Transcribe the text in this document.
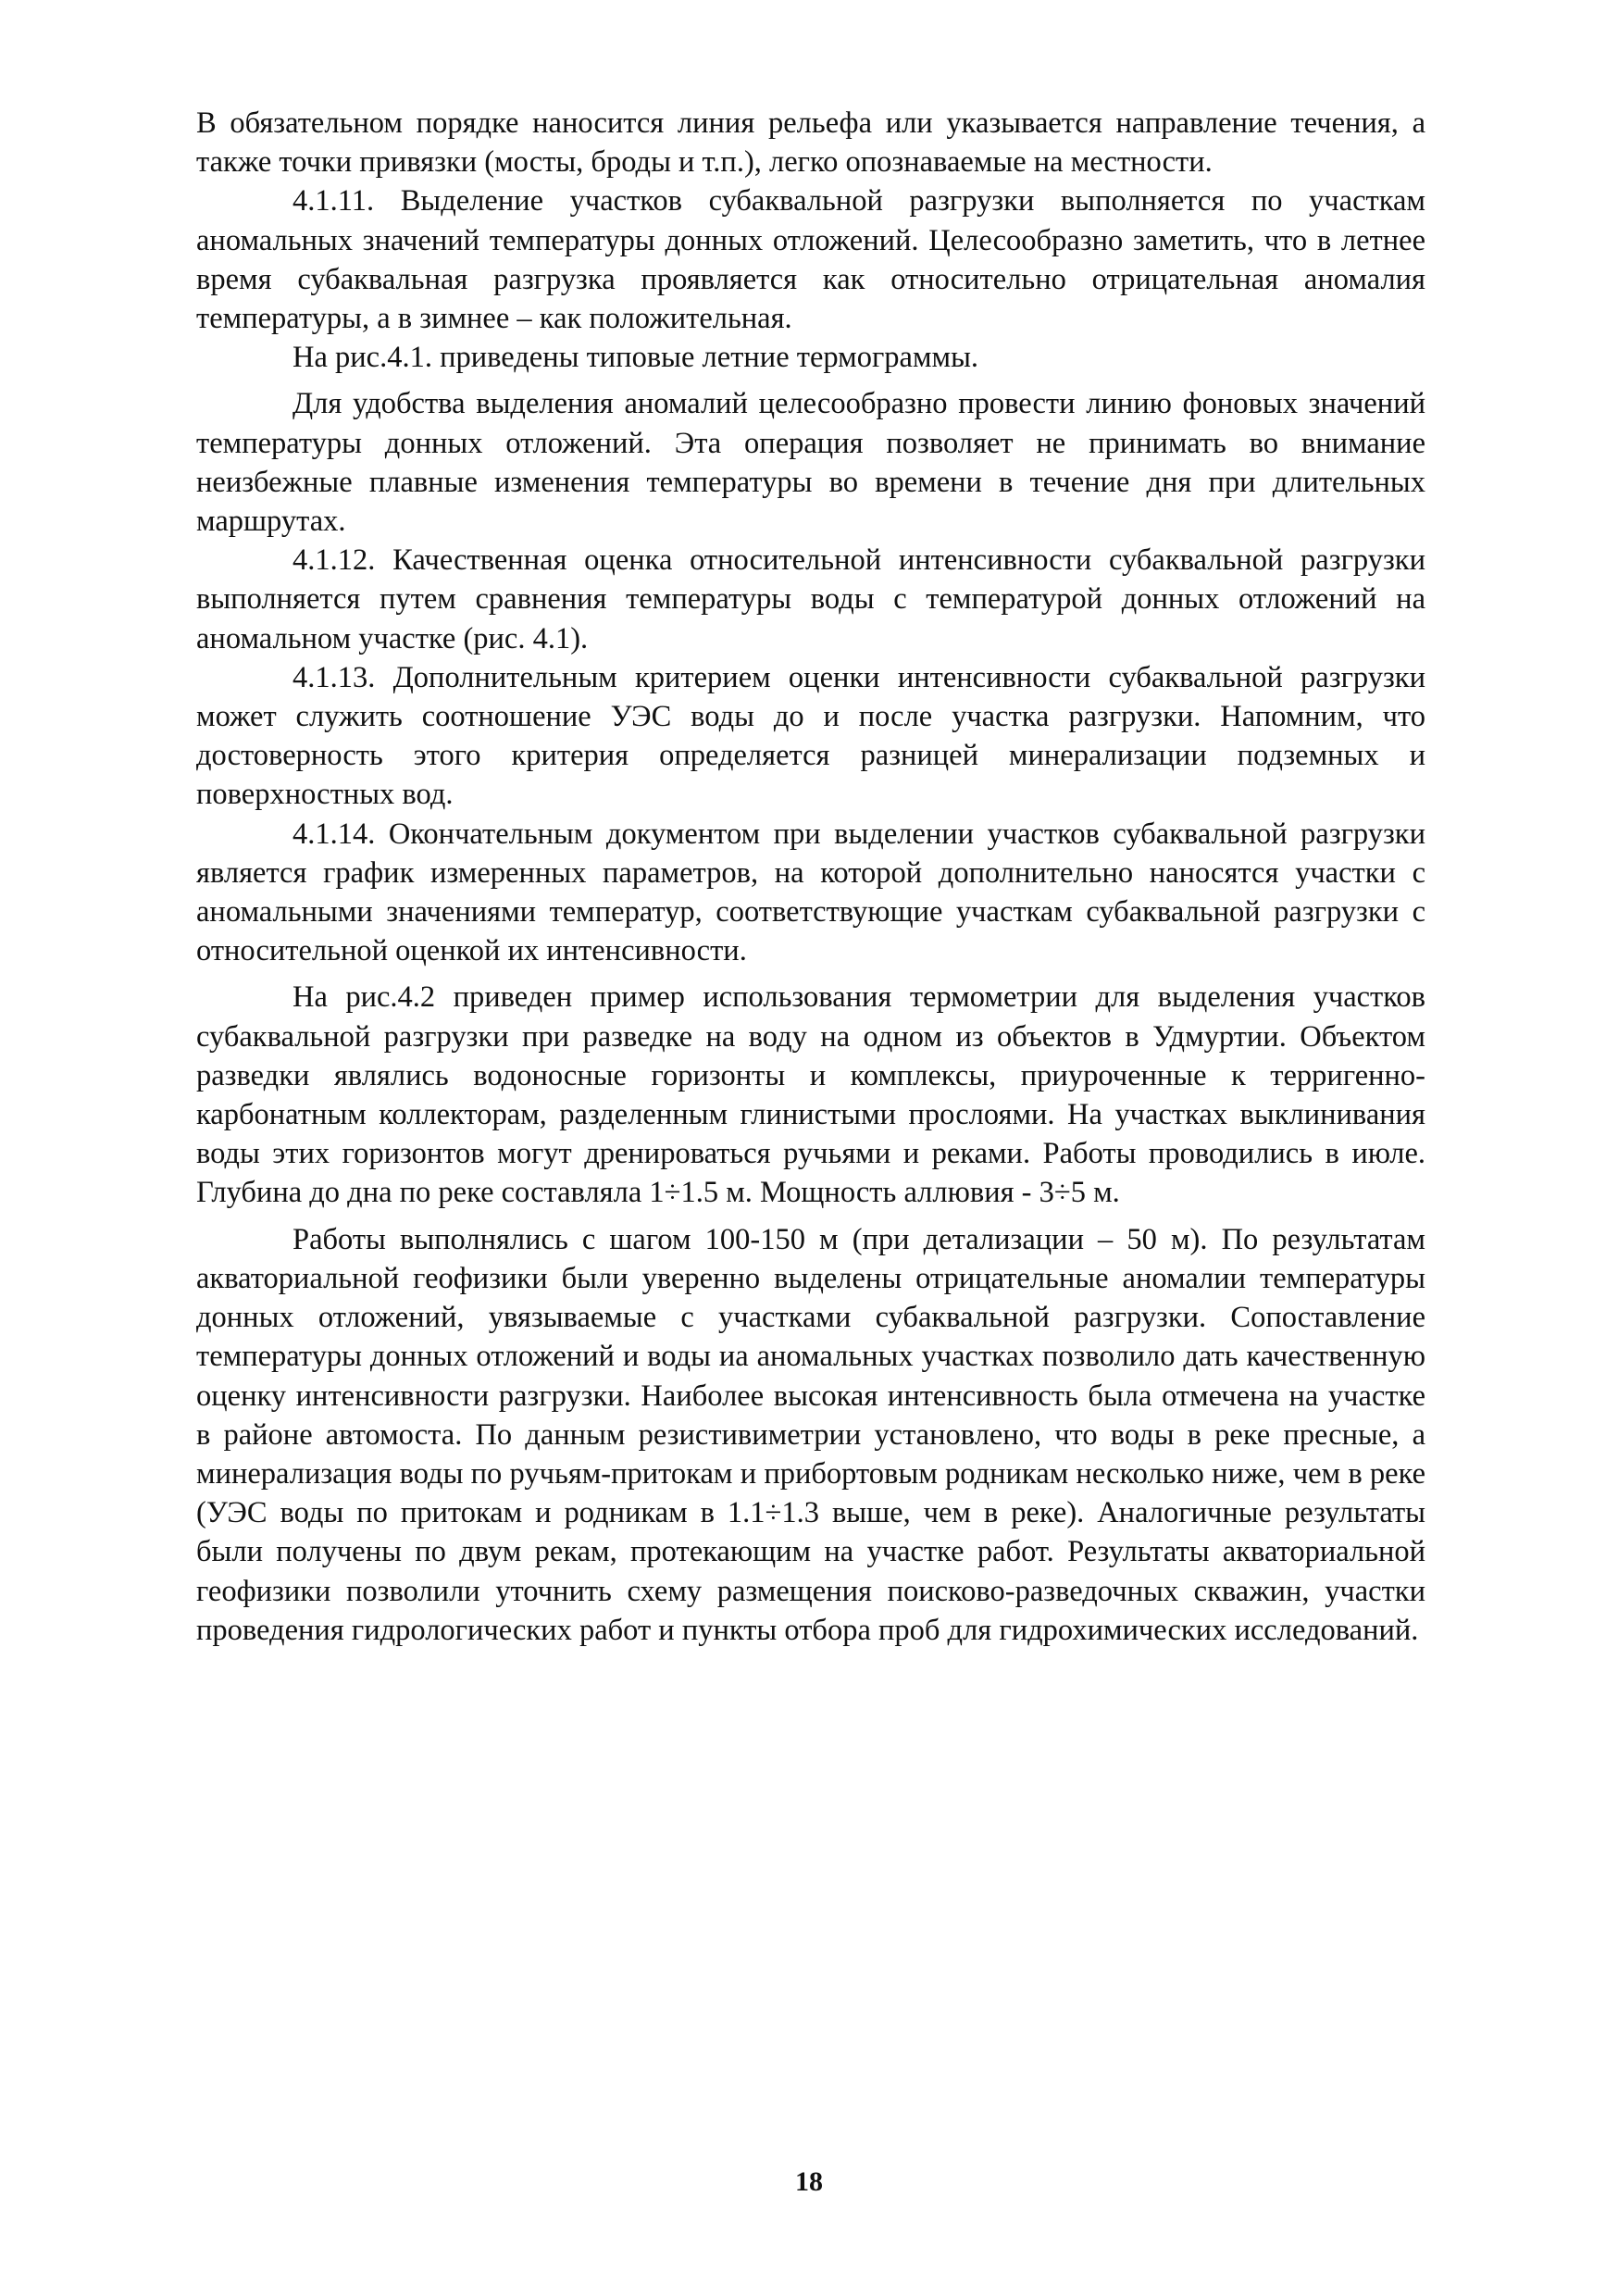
В обязательном порядке наносится линия рельефа или указывается направление течения, а также точки привязки (мосты, броды и т.п.), легко опознаваемые на местности.

4.1.11. Выделение участков субаквальной разгрузки выполняется по участкам аномальных значений температуры донных отложений. Целесообразно заметить, что в летнее время субаквальная разгрузка проявляется как относительно отрицательная аномалия температуры, а в зимнее – как положительная.

На рис.4.1. приведены типовые летние термограммы.

Для удобства выделения аномалий целесообразно провести линию фоновых значений температуры донных отложений. Эта операция позволяет не принимать во внимание неизбежные плавные изменения температуры во времени в течение дня при длительных маршрутах.

4.1.12. Качественная оценка относительной интенсивности субаквальной разгрузки выполняется путем сравнения температуры воды с температурой донных отложений на аномальном участке (рис. 4.1).

4.1.13. Дополнительным критерием оценки интенсивности субаквальной разгрузки может служить соотношение УЭС воды до и после участка разгрузки. Напомним, что достоверность этого критерия определяется разницей минерализации подземных и поверхностных вод.

4.1.14. Окончательным документом при выделении участков субаквальной разгрузки является график измеренных параметров, на которой дополнительно наносятся участки с аномальными значениями температур, соответствующие участкам субаквальной разгрузки с относительной оценкой их интенсивности.

На рис.4.2 приведен пример использования термометрии для выделения участков субаквальной разгрузки при разведке на воду на одном из объектов в Удмуртии. Объектом разведки являлись водоносные горизонты и комплексы, приуроченные к терригенно-карбонатным коллекторам, разделенным глинистыми прослоями. На участках выклинивания воды этих горизонтов могут дренироваться ручьями и реками. Работы проводились в июле. Глубина до дна по реке составляла 1÷1.5 м. Мощность аллювия - 3÷5 м.

Работы выполнялись с шагом 100-150 м (при детализации – 50 м). По результатам акваториальной геофизики были уверенно выделены отрицательные аномалии температуры донных отложений, увязываемые с участками субаквальной разгрузки. Сопоставление температуры донных отложений и воды иа аномальных участках позволило дать качественную оценку интенсивности разгрузки. Наиболее высокая интенсивность была отмечена на участке в районе автомоста. По данным резистивиметрии установлено, что воды в реке пресные, а минерализация воды по ручьям-притокам и прибортовым родникам несколько ниже, чем в реке (УЭС воды по притокам и родникам в 1.1÷1.3 выше, чем в реке). Аналогичные результаты были получены по двум рекам, протекающим на участке работ. Результаты акваториальной геофизики позволили уточнить схему размещения поисково-разведочных скважин, участки проведения гидрологических работ и пункты отбора проб для гидрохимических исследований.

18
